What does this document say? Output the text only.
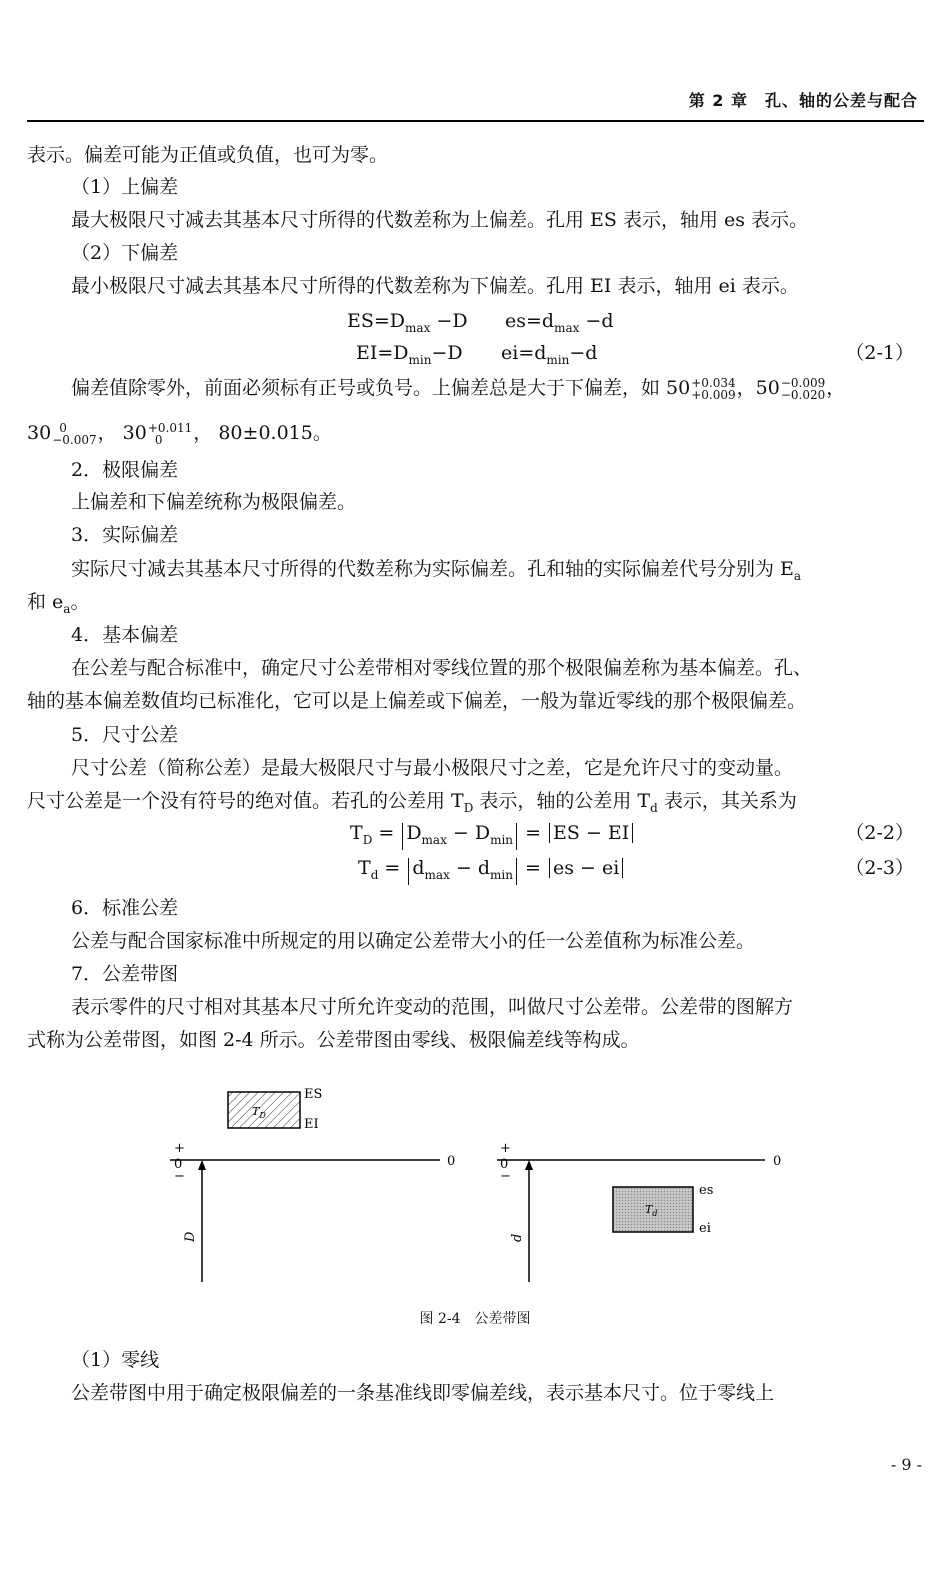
第 2 章　孔、轴的公差与配合
表示。偏差可能为正值或负值，也可为零。
（1）上偏差
最大极限尺寸减去其基本尺寸所得的代数差称为上偏差。孔用 ES 表示，轴用 es 表示。
（2）下偏差
最小极限尺寸减去其基本尺寸所得的代数差称为下偏差。孔用 EI 表示，轴用 ei 表示。
$ES=D_{max} -D$ $es=d_{max} -d$
$EI=D_{min}-D$ $ei=d_{min}-d$	（2-1）
偏差值除零外，前面必须标有正号或负号。上偏差总是大于下偏差，如 50 +0.034
+0.009 ，50 −0.009
−0.020 ，
30 0
−0.007 ， 30 +0.011
0	， 80±0.015。
2．极限偏差
上偏差和下偏差统称为极限偏差。
3．实际偏差
实际尺寸减去其基本尺寸所得的代数差称为实际偏差。孔和轴的实际偏差代号分别为 $E_a$
和 $e_a$。
4．基本偏差
在公差与配合标准中，确定尺寸公差带相对零线位置的那个极限偏差称为基本偏差。孔、
轴的基本偏差数值均已标准化，它可以是上偏差或下偏差，一般为靠近零线的那个极限偏差。
5．尺寸公差
尺寸公差（简称公差）是最大极限尺寸与最小极限尺寸之差，它是允许尺寸的变动量。
尺寸公差是一个没有符号的绝对值。若孔的公差用 $T_D$ 表示，轴的公差用 $T_d$ 表示，其关系为
$T_D = D_{max} - D_{min}$ = ES − EI	（2-2）
$T_d = d_{max} - d_{min}$ = es − ei	（2-3）
6．标准公差
公差与配合国家标准中所规定的用以确定公差带大小的任一公差值称为标准公差。
7．公差带图
表示零件的尺寸相对其基本尺寸所允许变动的范围，叫做尺寸公差带。公差带的图解方
式称为公差带图，如图 2-4 所示。公差带图由零线、极限偏差线等构成。
$T_D$
ES
EI
+
0
−
0
D
+
0
−
0
$T_d$
es
ei
d
图 2-4　公差带图
（1）零线
公差带图中用于确定极限偏差的一条基准线即零偏差线，表示基本尺寸。位于零线上
- 9 -
